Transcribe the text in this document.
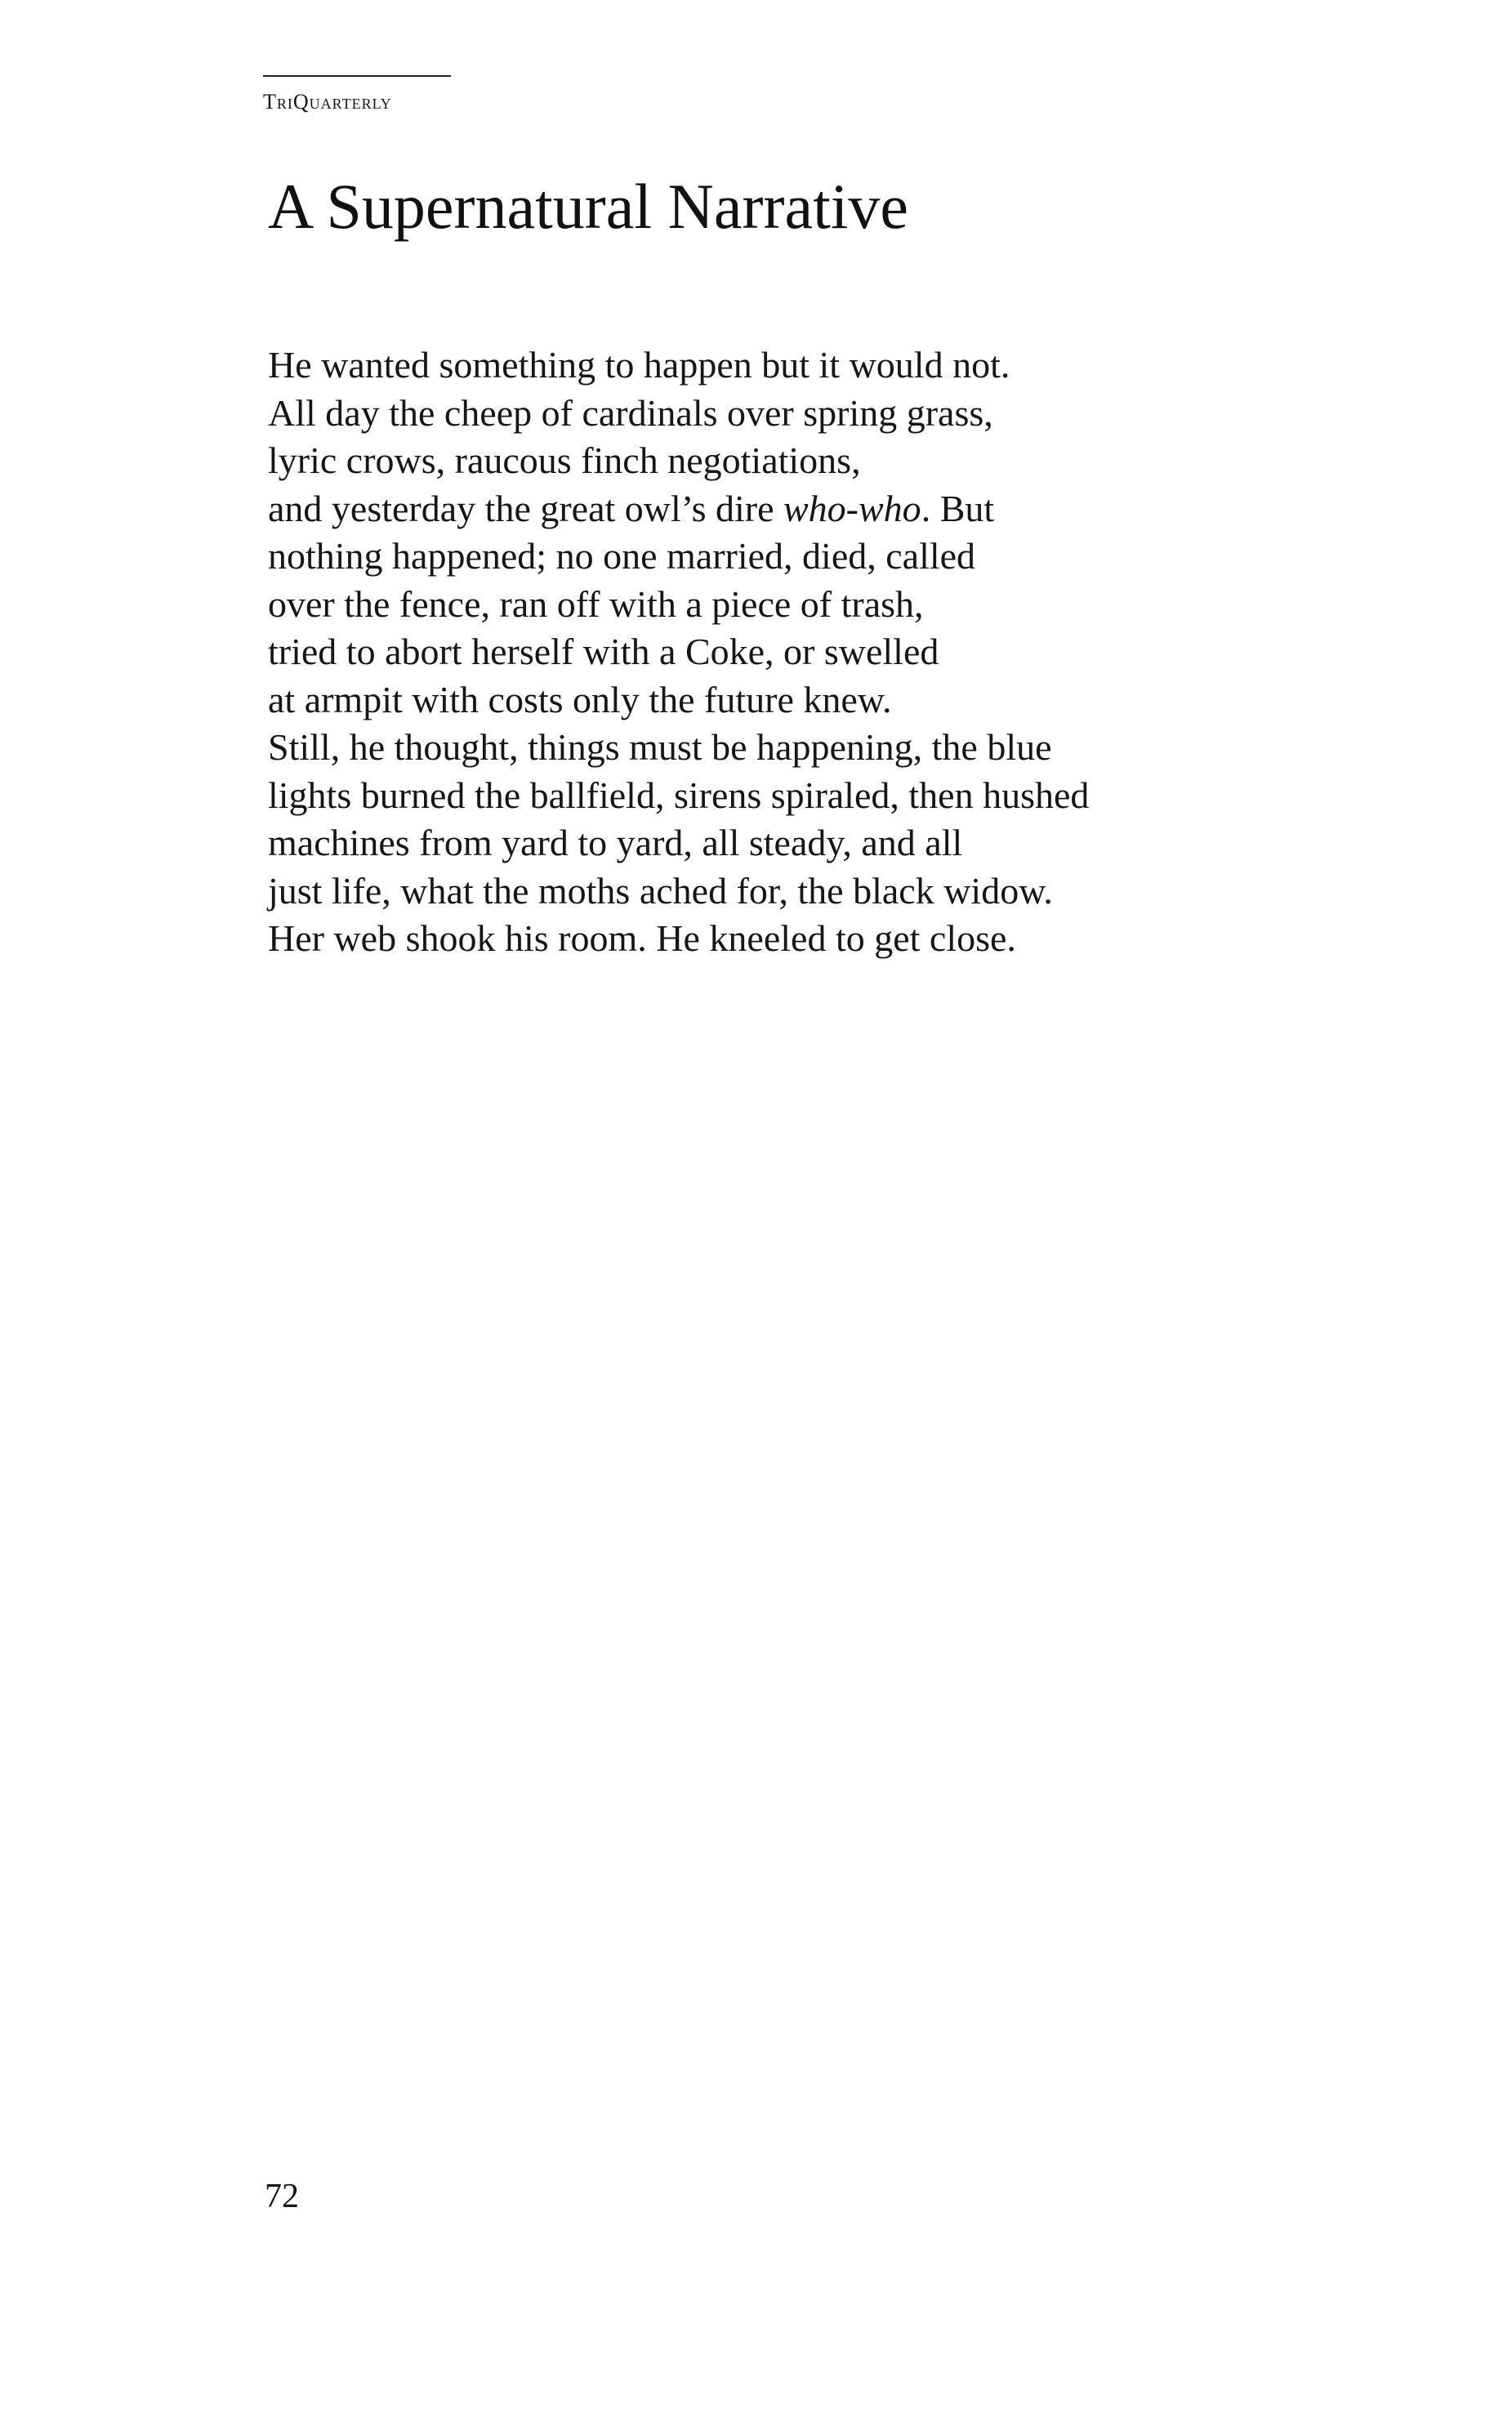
TriQuarterly
A Supernatural Narrative
He wanted something to happen but it would not.
All day the cheep of cardinals over spring grass,
lyric crows, raucous finch negotiations,
and yesterday the great owl’s dire who-who. But
nothing happened; no one married, died, called
over the fence, ran off with a piece of trash,
tried to abort herself with a Coke, or swelled
at armpit with costs only the future knew.
Still, he thought, things must be happening, the blue
lights burned the ballfield, sirens spiraled, then hushed
machines from yard to yard, all steady, and all
just life, what the moths ached for, the black widow.
Her web shook his room. He kneeled to get close.
72
